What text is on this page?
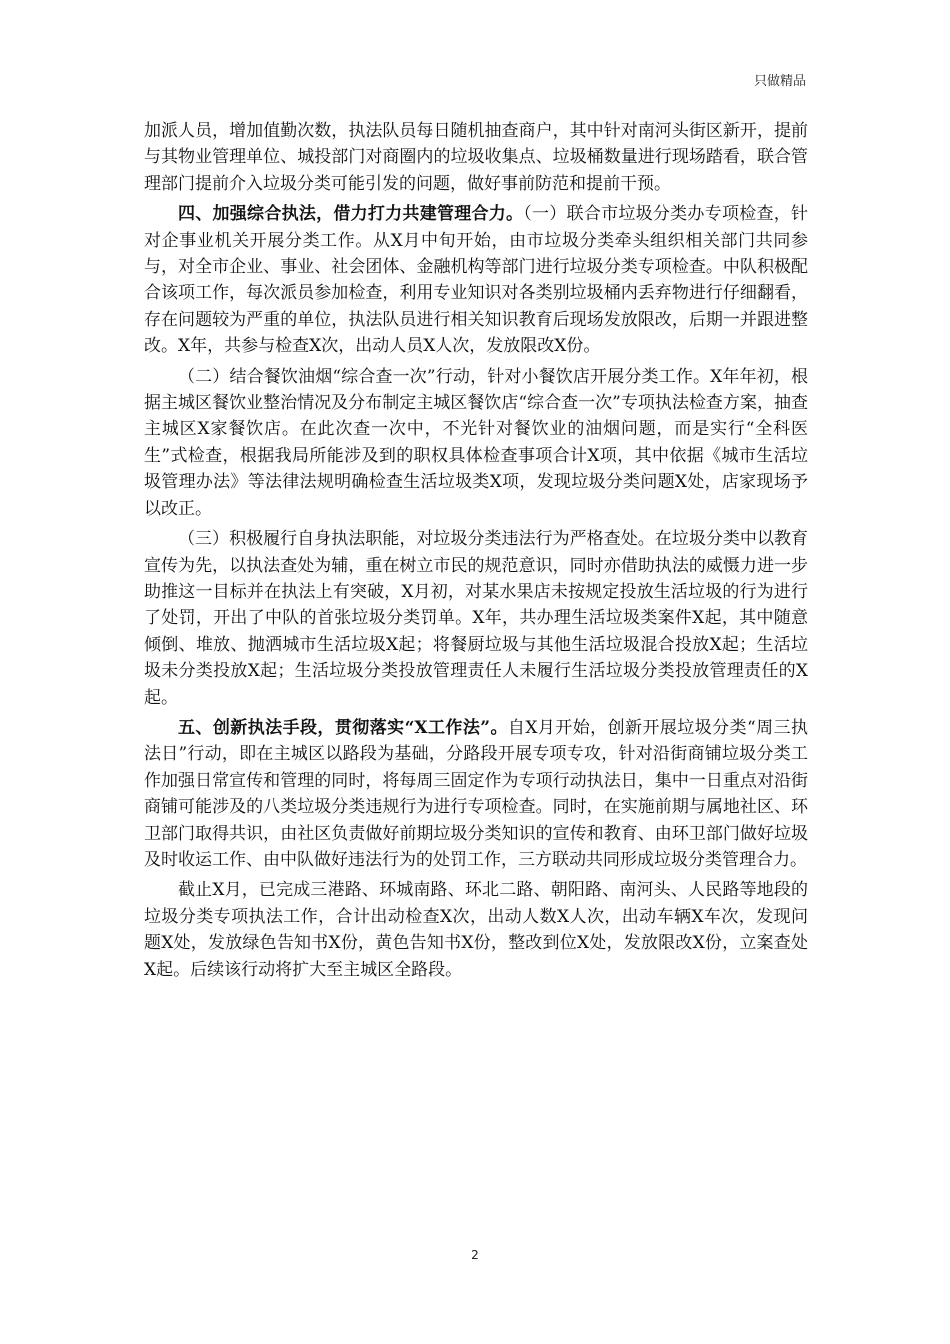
只做精品

加派人员，增加值勤次数，执法队员每日随机抽查商户，其中针对南河头街区新开，提前与其物业管理单位、城投部门对商圈内的垃圾收集点、垃圾桶数量进行现场踏看，联合管理部门提前介入垃圾分类可能引发的问题，做好事前防范和提前干预。

四、加强综合执法，借力打力共建管理合力。（一）联合市垃圾分类办专项检查，针对企事业机关开展分类工作。从X月中旬开始，由市垃圾分类牵头组织相关部门共同参与，对全市企业、事业、社会团体、金融机构等部门进行垃圾分类专项检查。中队积极配合该项工作，每次派员参加检查，利用专业知识对各类别垃圾桶内丢弃物进行仔细翻看，存在问题较为严重的单位，执法队员进行相关知识教育后现场发放限改，后期一并跟进整改。X年，共参与检查X次，出动人员X人次，发放限改X份。

（二）结合餐饮油烟“综合查一次”行动，针对小餐饮店开展分类工作。X年年初，根据主城区餐饮业整治情况及分布制定主城区餐饮店“综合查一次”专项执法检查方案，抽查主城区X家餐饮店。在此次查一次中，不光针对餐饮业的油烟问题，而是实行“全科医生”式检查，根据我局所能涉及到的职权具体检查事项合计X项，其中依据《城市生活垃圾管理办法》等法律法规明确检查生活垃圾类X项，发现垃圾分类问题X处，店家现场予以改正。

（三）积极履行自身执法职能，对垃圾分类违法行为严格查处。在垃圾分类中以教育宣传为先，以执法查处为辅，重在树立市民的规范意识，同时亦借助执法的威慑力进一步助推这一目标并在执法上有突破，X月初，对某水果店未按规定投放生活垃圾的行为进行了处罚，开出了中队的首张垃圾分类罚单。X年，共办理生活垃圾类案件X起，其中随意倾倒、堆放、抛洒城市生活垃圾X起；将餐厨垃圾与其他生活垃圾混合投放X起；生活垃圾未分类投放X起；生活垃圾分类投放管理责任人未履行生活垃圾分类投放管理责任的X起。

五、创新执法手段，贯彻落实“X工作法”。自X月开始，创新开展垃圾分类“周三执法日”行动，即在主城区以路段为基础，分路段开展专项专攻，针对沿街商铺垃圾分类工作加强日常宣传和管理的同时，将每周三固定作为专项行动执法日，集中一日重点对沿街商铺可能涉及的八类垃圾分类违规行为进行专项检查。同时，在实施前期与属地社区、环卫部门取得共识，由社区负责做好前期垃圾分类知识的宣传和教育、由环卫部门做好垃圾及时收运工作、由中队做好违法行为的处罚工作，三方联动共同形成垃圾分类管理合力。

截止X月，已完成三港路、环城南路、环北二路、朝阳路、南河头、人民路等地段的垃圾分类专项执法工作，合计出动检查X次，出动人数X人次，出动车辆X车次，发现问题X处，发放绿色告知书X份，黄色告知书X份，整改到位X处，发放限改X份，立案查处X起。后续该行动将扩大至主城区全路段。

2
